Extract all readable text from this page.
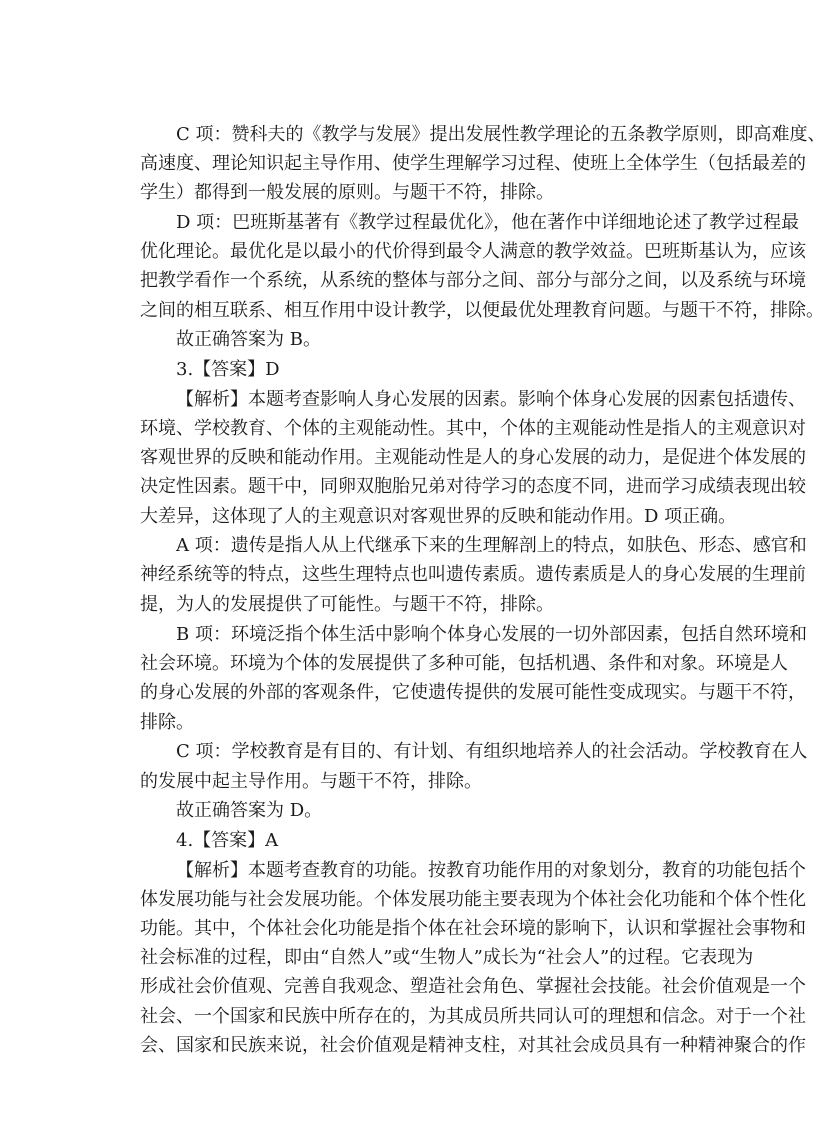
C 项：赞科夫的《教学与发展》提出发展性教学理论的五条教学原则，即高难度、
高速度、理论知识起主导作用、使学生理解学习过程、使班上全体学生（包括最差的
学生）都得到一般发展的原则。与题干不符，排除。
D 项：巴班斯基著有《教学过程最优化》，他在著作中详细地论述了教学过程最
优化理论。最优化是以最小的代价得到最令人满意的教学效益。巴班斯基认为，应该
把教学看作一个系统，从系统的整体与部分之间、部分与部分之间，以及系统与环境
之间的相互联系、相互作用中设计教学，以便最优处理教育问题。与题干不符，排除。
故正确答案为 B。
3.【答案】D
【解析】本题考查影响人身心发展的因素。影响个体身心发展的因素包括遗传、
环境、学校教育、个体的主观能动性。其中，个体的主观能动性是指人的主观意识对
客观世界的反映和能动作用。主观能动性是人的身心发展的动力，是促进个体发展的
决定性因素。题干中，同卵双胞胎兄弟对待学习的态度不同，进而学习成绩表现出较
大差异，这体现了人的主观意识对客观世界的反映和能动作用。D 项正确。
A 项：遗传是指人从上代继承下来的生理解剖上的特点，如肤色、形态、感官和
神经系统等的特点，这些生理特点也叫遗传素质。遗传素质是人的身心发展的生理前
提，为人的发展提供了可能性。与题干不符，排除。
B 项：环境泛指个体生活中影响个体身心发展的一切外部因素，包括自然环境和
社会环境。环境为个体的发展提供了多种可能，包括机遇、条件和对象。环境是人
的身心发展的外部的客观条件，它使遗传提供的发展可能性变成现实。与题干不符，
排除。
C 项：学校教育是有目的、有计划、有组织地培养人的社会活动。学校教育在人
的发展中起主导作用。与题干不符，排除。
故正确答案为 D。
4.【答案】A
【解析】本题考查教育的功能。按教育功能作用的对象划分，教育的功能包括个
体发展功能与社会发展功能。个体发展功能主要表现为个体社会化功能和个体个性化
功能。其中，个体社会化功能是指个体在社会环境的影响下，认识和掌握社会事物和
社会标准的过程，即由“自然人”或“生物人”成长为“社会人”的过程。它表现为
形成社会价值观、完善自我观念、塑造社会角色、掌握社会技能。社会价值观是一个
社会、一个国家和民族中所存在的，为其成员所共同认可的理想和信念。对于一个社
会、国家和民族来说，社会价值观是精神支柱，对其社会成员具有一种精神聚合的作
